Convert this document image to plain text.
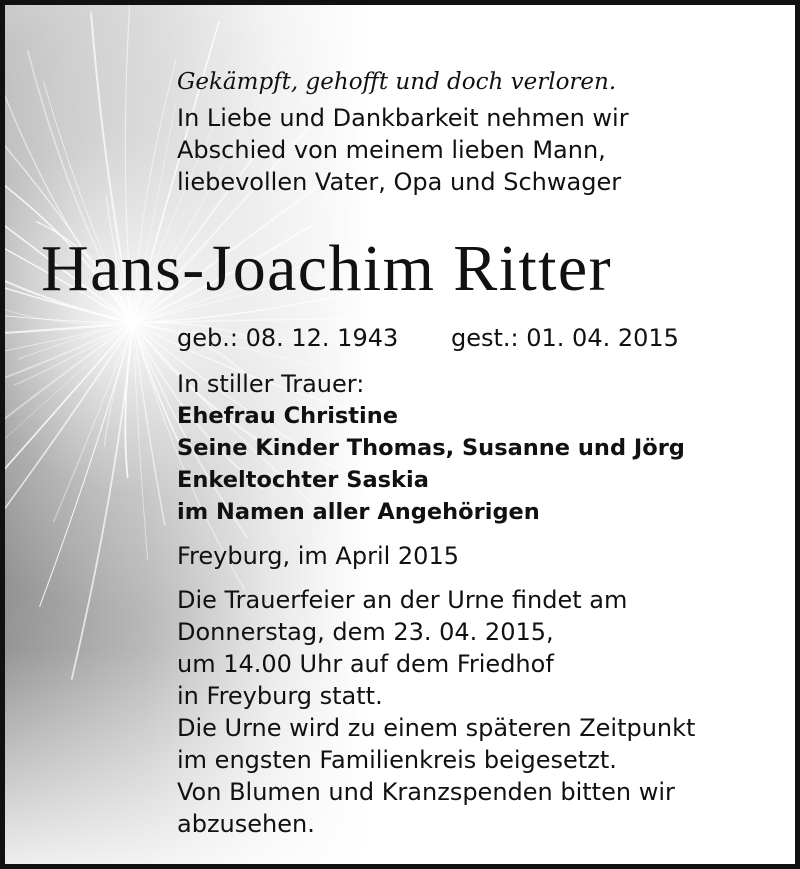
Gekämpft, gehofft und doch verloren.
In Liebe und Dankbarkeit nehmen wir
Abschied von meinem lieben Mann,
liebevollen Vater, Opa und Schwager
Hans-Joachim Ritter
geb.: 08. 12. 1943 gest.: 01. 04. 2015
In stiller Trauer:
Ehefrau Christine
Seine Kinder Thomas, Susanne und Jörg
Enkeltochter Saskia
im Namen aller Angehörigen
Freyburg, im April 2015
Die Trauerfeier an der Urne findet am
Donnerstag, dem 23. 04. 2015,
um 14.00 Uhr auf dem Friedhof
in Freyburg statt.
Die Urne wird zu einem späteren Zeitpunkt
im engsten Familienkreis beigesetzt.
Von Blumen und Kranzspenden bitten wir
abzusehen.
